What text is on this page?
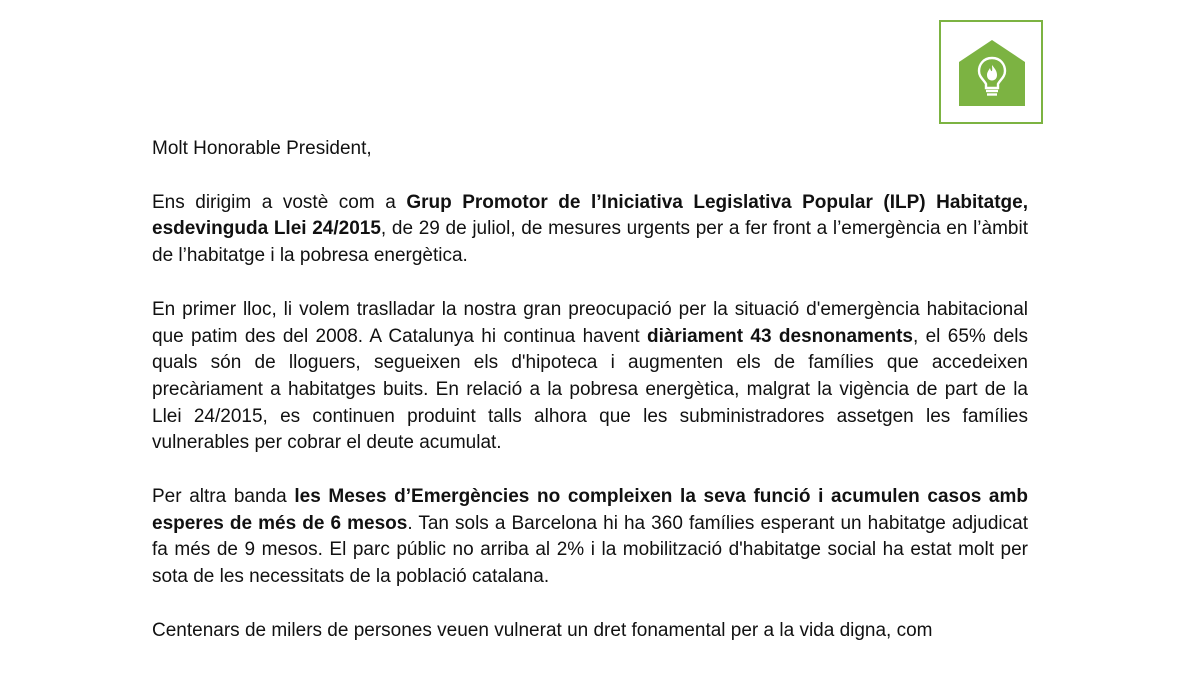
Molt Honorable President,

Ens dirigim a vostè com a Grup Promotor de l’Iniciativa Legislativa Popular (ILP) Habitatge, esdevinguda Llei 24/2015, de 29 de juliol, de mesures urgents per a fer front a l’emergència en l’àmbit de l’habitatge i la pobresa energètica.

En primer lloc, li volem traslladar la nostra gran preocupació per la situació d'emergència habitacional que patim des del 2008. A Catalunya hi continua havent diàriament 43 desnonaments, el 65% dels quals són de lloguers, segueixen els d'hipoteca i augmenten els de famílies que accedeixen precàriament a habitatges buits. En relació a la pobresa energètica, malgrat la vigència de part de la Llei 24/2015, es continuen produint talls alhora que les subministradores assetgen les famílies vulnerables per cobrar el deute acumulat.

Per altra banda les Meses d’Emergències no compleixen la seva funció i acumulen casos amb esperes de més de 6 mesos. Tan sols a Barcelona hi ha 360 famílies esperant un habitatge adjudicat fa més de 9 mesos. El parc públic no arriba al 2% i la mobilització d'habitatge social ha estat molt per sota de les necessitats de la població catalana.

Centenars de milers de persones veuen vulnerat un dret fonamental per a la vida digna, com
